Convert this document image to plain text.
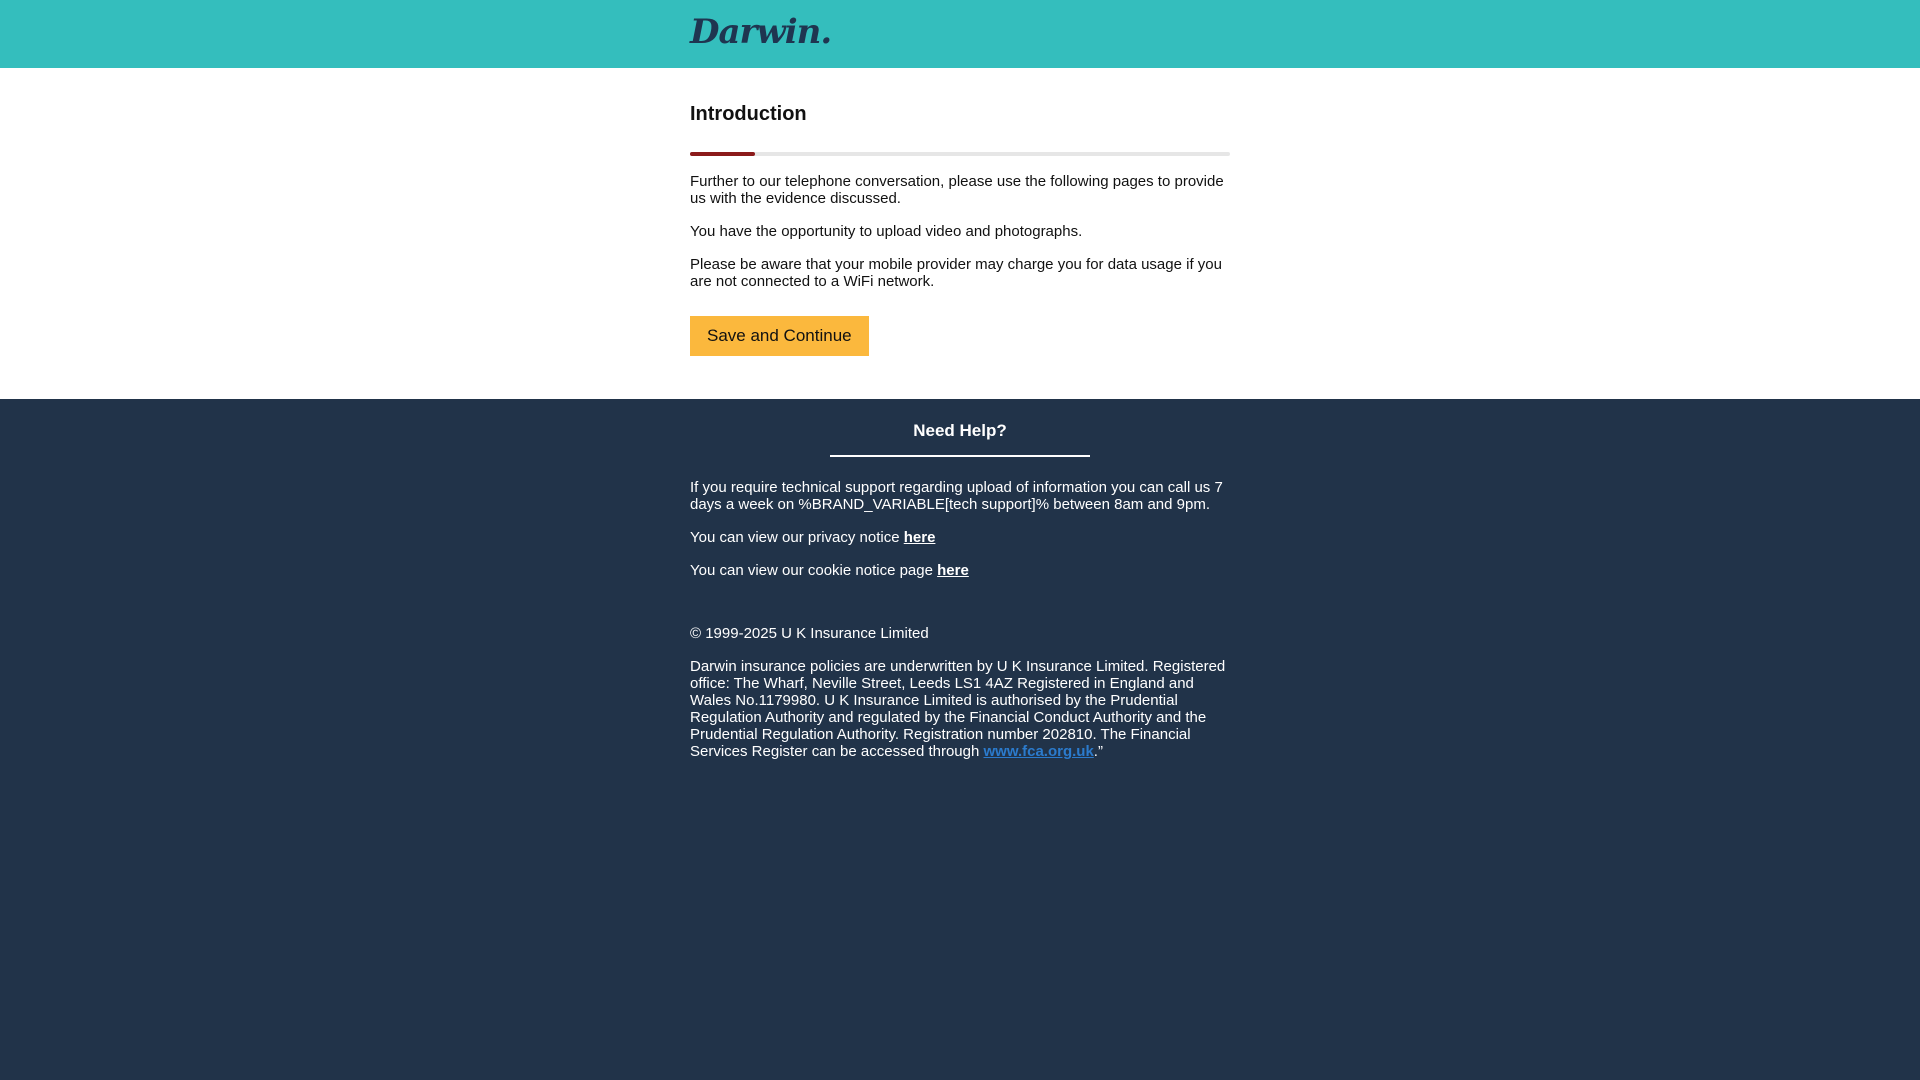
Darwin.
Introduction

Further to our telephone conversation, please use the following pages to provide us with the evidence discussed.

You have the opportunity to upload video and photographs.

Please be aware that your mobile provider may charge you for data usage if you are not connected to a WiFi network.

Save and Continue
Need Help?

If you require technical support regarding upload of information you can call us 7 days a week on %BRAND_VARIABLE[tech support]% between 8am and 9pm.

You can view our privacy notice here

You can view our cookie notice page here

© 1999-2025 U K Insurance Limited

Darwin insurance policies are underwritten by U K Insurance Limited. Registered office: The Wharf, Neville Street, Leeds LS1 4AZ Registered in England and Wales No.1179980. U K Insurance Limited is authorised by the Prudential Regulation Authority and regulated by the Financial Conduct Authority and the Prudential Regulation Authority. Registration number 202810. The Financial Services Register can be accessed through www.fca.org.uk.”
